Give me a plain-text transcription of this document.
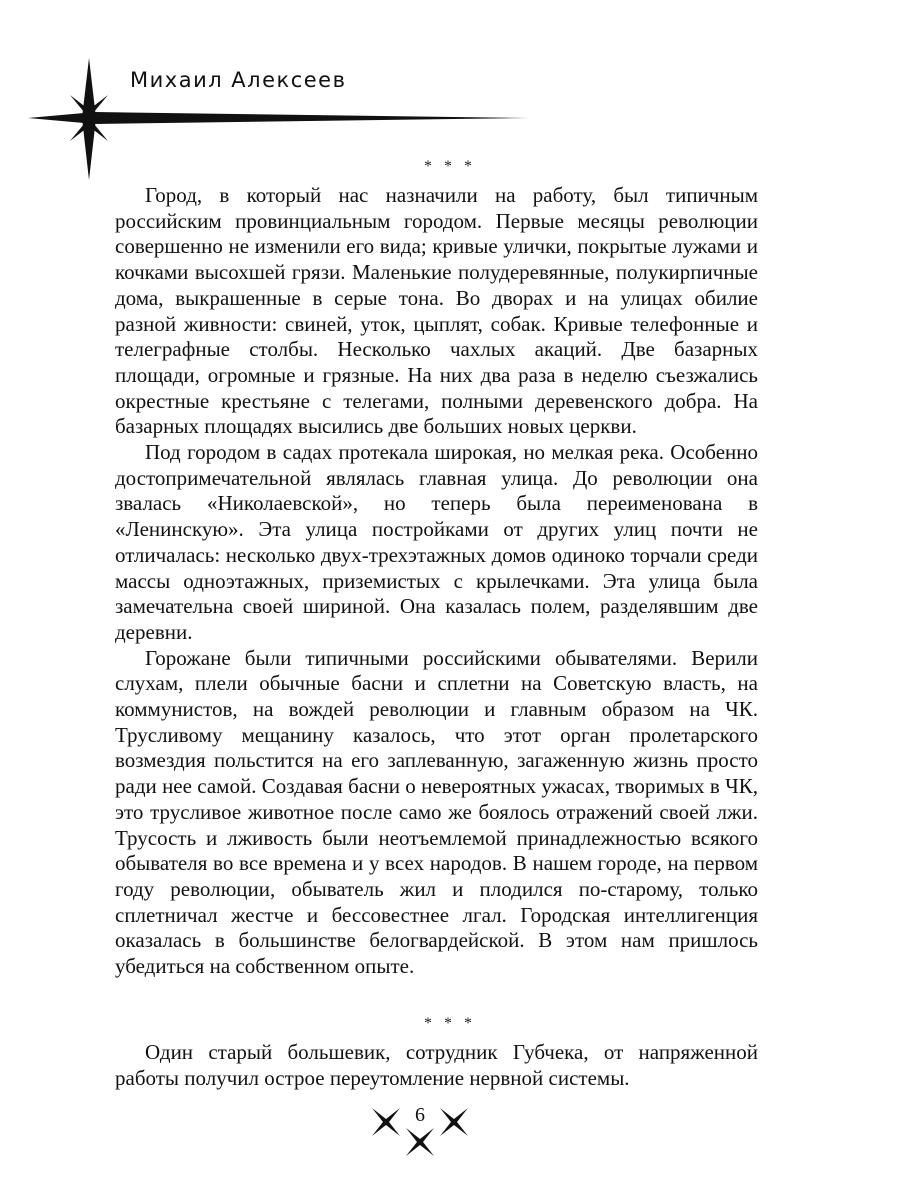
Михаил Алексеев
* * *

Город, в который нас назначили на работу, был типичным российским провинциальным городом. Первые месяцы революции совершенно не изменили его вида; кривые улички, покрытые лужами и кочками высохшей грязи. Маленькие полудеревянные, полукирпичные дома, выкрашенные в серые тона. Во дворах и на улицах обилие разной живности: свиней, уток, цыплят, собак. Кривые телефонные и телеграфные столбы. Несколько чахлых акаций. Две базарных площади, огромные и грязные. На них два раза в неделю съезжались окрестные крестьяне с телегами, полными деревенского добра. На базарных площадях высились две больших новых церкви.

Под городом в садах протекала широкая, но мелкая река. Особенно достопримечательной являлась главная улица. До революции она звалась «Николаевской», но теперь была переименована в «Ленинскую». Эта улица постройками от других улиц почти не отличалась: несколько двух-трехэтажных домов одиноко торчали среди массы одноэтажных, приземистых с крылечками. Эта улица была замечательна своей шириной. Она казалась полем, разделявшим две деревни.

Горожане были типичными российскими обывателями. Верили слухам, плели обычные басни и сплетни на Советскую власть, на коммунистов, на вождей революции и главным образом на ЧК. Трусливому мещанину казалось, что этот орган пролетарского возмездия польстится на его заплеванную, загаженную жизнь просто ради нее самой. Создавая басни о невероятных ужасах, творимых в ЧК, это трусливое животное после само же боялось отражений своей лжи. Трусость и лживость были неотъемлемой принадлежностью всякого обывателя во все времена и у всех народов. В нашем городе, на первом году революции, обыватель жил и плодился по-старому, только сплетничал жестче и бессовестнее лгал. Городская интеллигенция оказалась в большинстве белогвардейской. В этом нам пришлось убедиться на собственном опыте.

* * *

Один старый большевик, сотрудник Губчека, от напряженной работы получил острое переутомление нервной системы.

6
